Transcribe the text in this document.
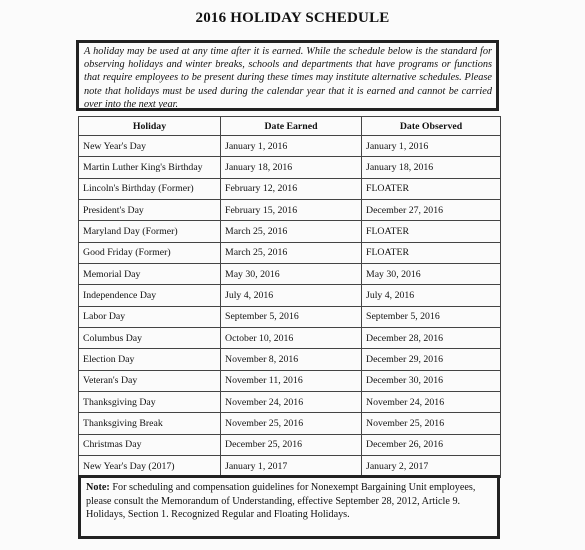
2016 HOLIDAY SCHEDULE
A holiday may be used at any time after it is earned. While the schedule below is the standard for observing holidays and winter breaks, schools and departments that have programs or functions that require employees to be present during these times may institute alternative schedules. Please note that holidays must be used during the calendar year that it is earned and cannot be carried over into the next year.
Holiday	Date Earned	Date Observed
New Year's Day	January 1, 2016	January 1, 2016
Martin Luther King's Birthday	January 18, 2016	January 18, 2016
Lincoln's Birthday (Former)	February 12, 2016	FLOATER
President's Day	February 15, 2016	December 27, 2016
Maryland Day (Former)	March 25, 2016	FLOATER
Good Friday (Former)	March 25, 2016	FLOATER
Memorial Day	May 30, 2016	May 30, 2016
Independence Day	July 4, 2016	July 4, 2016
Labor Day	September 5, 2016	September 5, 2016
Columbus Day	October 10, 2016	December 28, 2016
Election Day	November 8, 2016	December 29, 2016
Veteran's Day	November 11, 2016	December 30, 2016
Thanksgiving Day	November 24, 2016	November 24, 2016
Thanksgiving Break	November 25, 2016	November 25, 2016
Christmas Day	December 25, 2016	December 26, 2016
New Year's Day (2017)	January 1, 2017	January 2, 2017
Note: For scheduling and compensation guidelines for Nonexempt Bargaining Unit employees, please consult the Memorandum of Understanding, effective September 28, 2012, Article 9. Holidays, Section 1. Recognized Regular and Floating Holidays.
